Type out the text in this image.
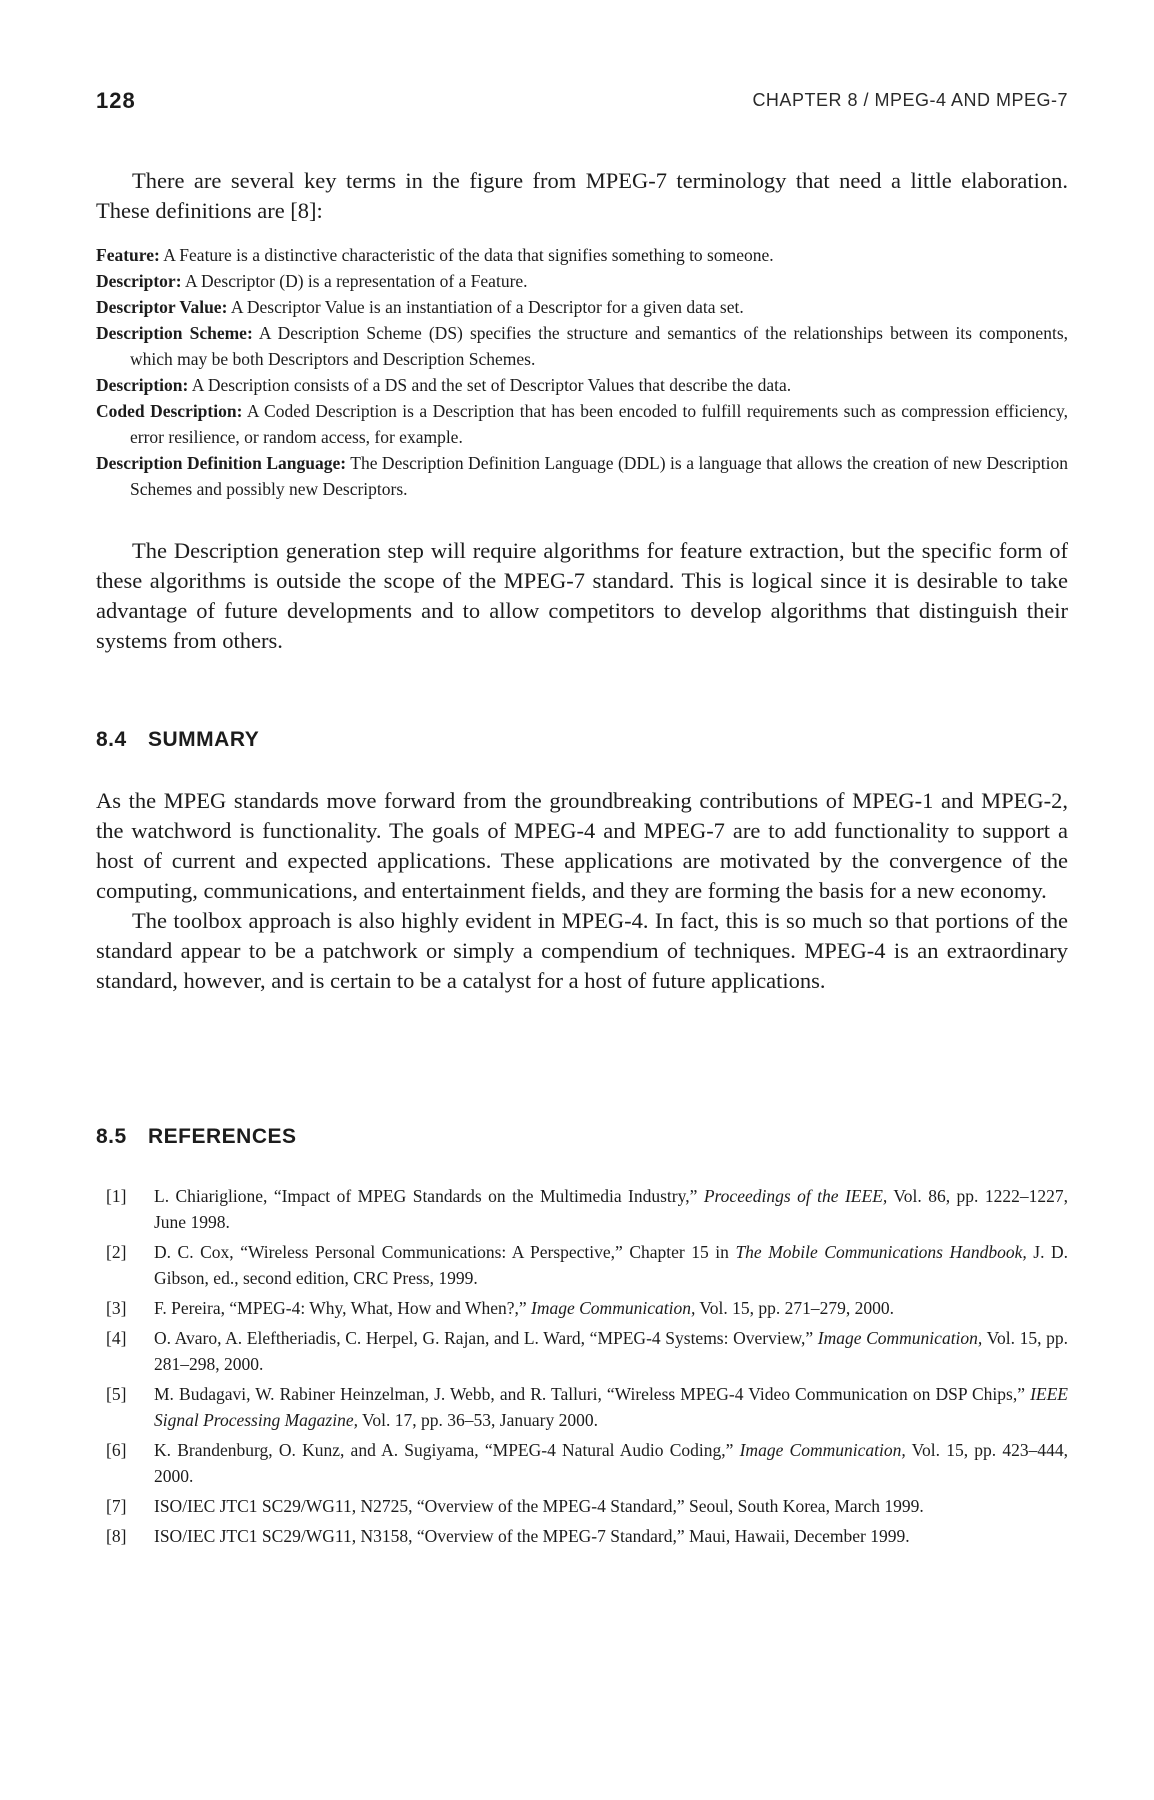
128	CHAPTER 8 / MPEG-4 AND MPEG-7

There are several key terms in the figure from MPEG-7 terminology that need a little elaboration. These definitions are [8]:

Feature: A Feature is a distinctive characteristic of the data that signifies something to someone.

Descriptor: A Descriptor (D) is a representation of a Feature.

Descriptor Value: A Descriptor Value is an instantiation of a Descriptor for a given data set.

Description Scheme: A Description Scheme (DS) specifies the structure and semantics of the relationships between its components, which may be both Descriptors and Description Schemes.

Description: A Description consists of a DS and the set of Descriptor Values that describe the data.

Coded Description: A Coded Description is a Description that has been encoded to fulfill requirements such as compression efficiency, error resilience, or random access, for example.

Description Definition Language: The Description Definition Language (DDL) is a language that allows the creation of new Description Schemes and possibly new Descriptors.

The Description generation step will require algorithms for feature extraction, but the specific form of these algorithms is outside the scope of the MPEG-7 standard. This is logical since it is desirable to take advantage of future developments and to allow competitors to develop algorithms that distinguish their systems from others.

8.4 SUMMARY

As the MPEG standards move forward from the groundbreaking contributions of MPEG-1 and MPEG-2, the watchword is functionality. The goals of MPEG-4 and MPEG-7 are to add functionality to support a host of current and expected applications. These applications are motivated by the convergence of the computing, communications, and entertainment fields, and they are forming the basis for a new economy.

The toolbox approach is also highly evident in MPEG-4. In fact, this is so much so that portions of the standard appear to be a patchwork or simply a compendium of techniques. MPEG-4 is an extraordinary standard, however, and is certain to be a catalyst for a host of future applications.

8.5 REFERENCES

[1] L. Chiariglione, “Impact of MPEG Standards on the Multimedia Industry,” Proceedings of the IEEE, Vol. 86, pp. 1222–1227, June 1998.

[2] D. C. Cox, “Wireless Personal Communications: A Perspective,” Chapter 15 in The Mobile Communications Handbook, J. D. Gibson, ed., second edition, CRC Press, 1999.

[3] F. Pereira, “MPEG-4: Why, What, How and When?,” Image Communication, Vol. 15, pp. 271–279, 2000.

[4] O. Avaro, A. Eleftheriadis, C. Herpel, G. Rajan, and L. Ward, “MPEG-4 Systems: Overview,” Image Communication, Vol. 15, pp. 281–298, 2000.

[5] M. Budagavi, W. Rabiner Heinzelman, J. Webb, and R. Talluri, “Wireless MPEG-4 Video Communication on DSP Chips,” IEEE Signal Processing Magazine, Vol. 17, pp. 36–53, January 2000.

[6] K. Brandenburg, O. Kunz, and A. Sugiyama, “MPEG-4 Natural Audio Coding,” Image Communication, Vol. 15, pp. 423–444, 2000.

[7] ISO/IEC JTC1 SC29/WG11, N2725, “Overview of the MPEG-4 Standard,” Seoul, South Korea, March 1999.

[8] ISO/IEC JTC1 SC29/WG11, N3158, “Overview of the MPEG-7 Standard,” Maui, Hawaii, December 1999.
